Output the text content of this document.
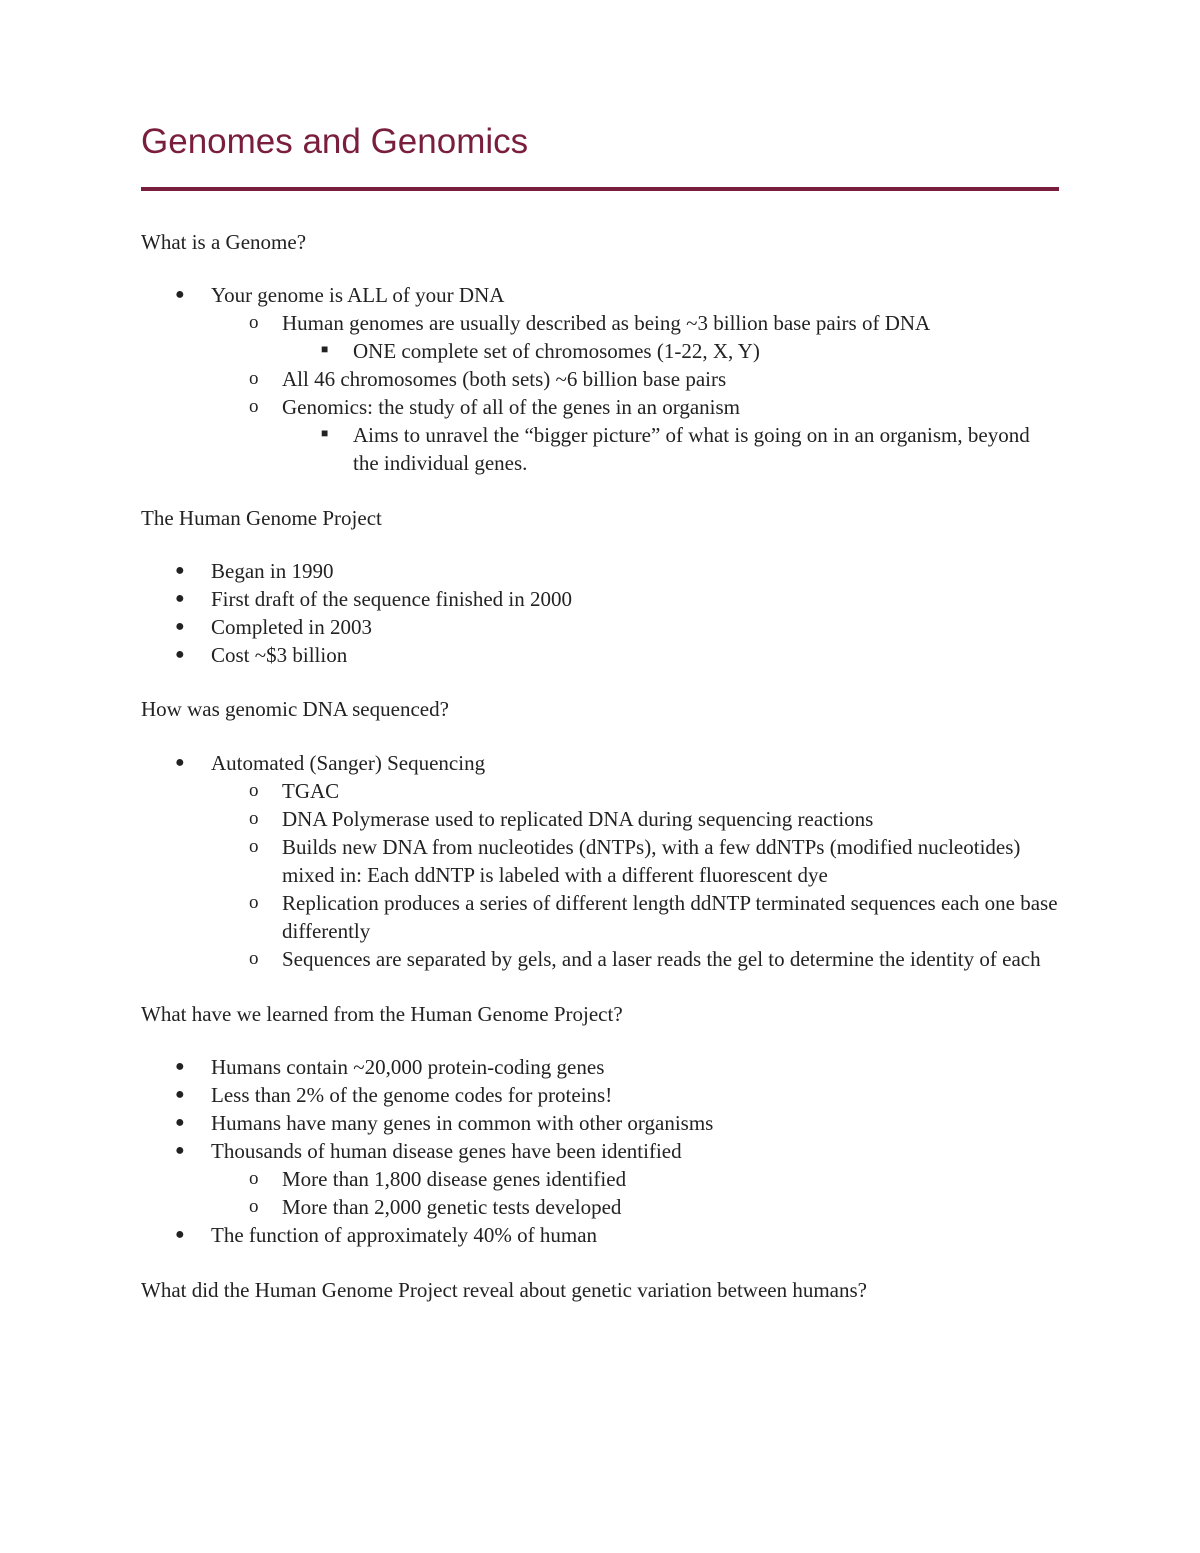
Genomes and Genomics

What is a Genome?

● Your genome is ALL of your DNA
o Human genomes are usually described as being ~3 billion base pairs of DNA
■ ONE complete set of chromosomes (1-22, X, Y)
o All 46 chromosomes (both sets) ~6 billion base pairs
o Genomics: the study of all of the genes in an organism
■ Aims to unravel the “bigger picture” of what is going on in an organism, beyond the individual genes.

The Human Genome Project

● Began in 1990
● First draft of the sequence finished in 2000
● Completed in 2003
● Cost ~$3 billion

How was genomic DNA sequenced?

● Automated (Sanger) Sequencing
o TGAC
o DNA Polymerase used to replicated DNA during sequencing reactions
o Builds new DNA from nucleotides (dNTPs), with a few ddNTPs (modified nucleotides) mixed in: Each ddNTP is labeled with a different fluorescent dye
o Replication produces a series of different length ddNTP terminated sequences each one base differently
o Sequences are separated by gels, and a laser reads the gel to determine the identity of each

What have we learned from the Human Genome Project?

● Humans contain ~20,000 protein-coding genes
● Less than 2% of the genome codes for proteins!
● Humans have many genes in common with other organisms
● Thousands of human disease genes have been identified
o More than 1,800 disease genes identified
o More than 2,000 genetic tests developed
● The function of approximately 40% of human

What did the Human Genome Project reveal about genetic variation between humans?
